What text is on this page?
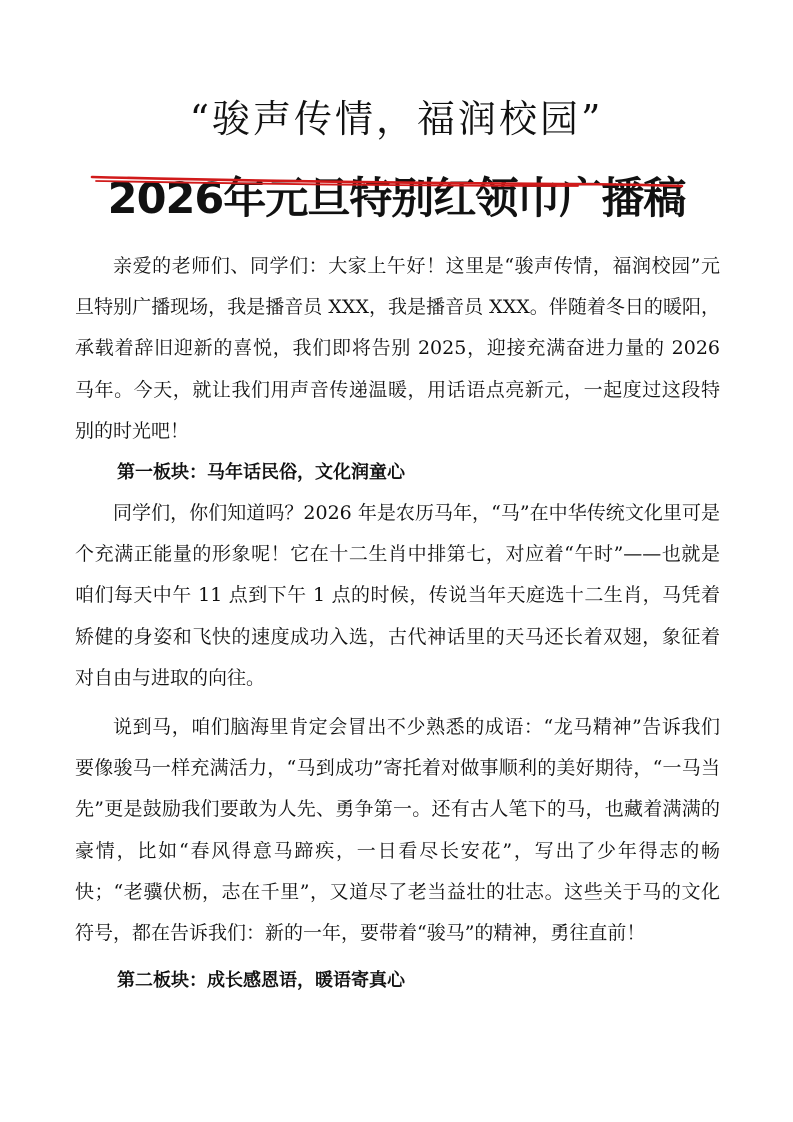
“骏声传情，福润校园”
2026年元旦特别红领巾广播稿

亲爱的老师们、同学们：大家上午好！这里是“骏声传情，福润校园”元旦特别广播现场，我是播音员 XXX，我是播音员 XXX。伴随着冬日的暖阳，承载着辞旧迎新的喜悦，我们即将告别 2025，迎接充满奋进力量的 2026 马年。今天，就让我们用声音传递温暖，用话语点亮新元，一起度过这段特别的时光吧！

第一板块：马年话民俗，文化润童心

同学们，你们知道吗？2026 年是农历马年，“马”在中华传统文化里可是个充满正能量的形象呢！它在十二生肖中排第七，对应着“午时”——也就是咱们每天中午 11 点到下午 1 点的时候，传说当年天庭选十二生肖，马凭着矫健的身姿和飞快的速度成功入选，古代神话里的天马还长着双翅，象征着对自由与进取的向往。

说到马，咱们脑海里肯定会冒出不少熟悉的成语：“龙马精神”告诉我们要像骏马一样充满活力，“马到成功”寄托着对做事顺利的美好期待，“一马当先”更是鼓励我们要敢为人先、勇争第一。还有古人笔下的马，也藏着满满的豪情，比如“春风得意马蹄疾，一日看尽长安花”，写出了少年得志的畅快；“老骥伏枥，志在千里”，又道尽了老当益壮的壮志。这些关于马的文化符号，都在告诉我们：新的一年，要带着“骏马”的精神，勇往直前！

第二板块：成长感恩语，暖语寄真心
